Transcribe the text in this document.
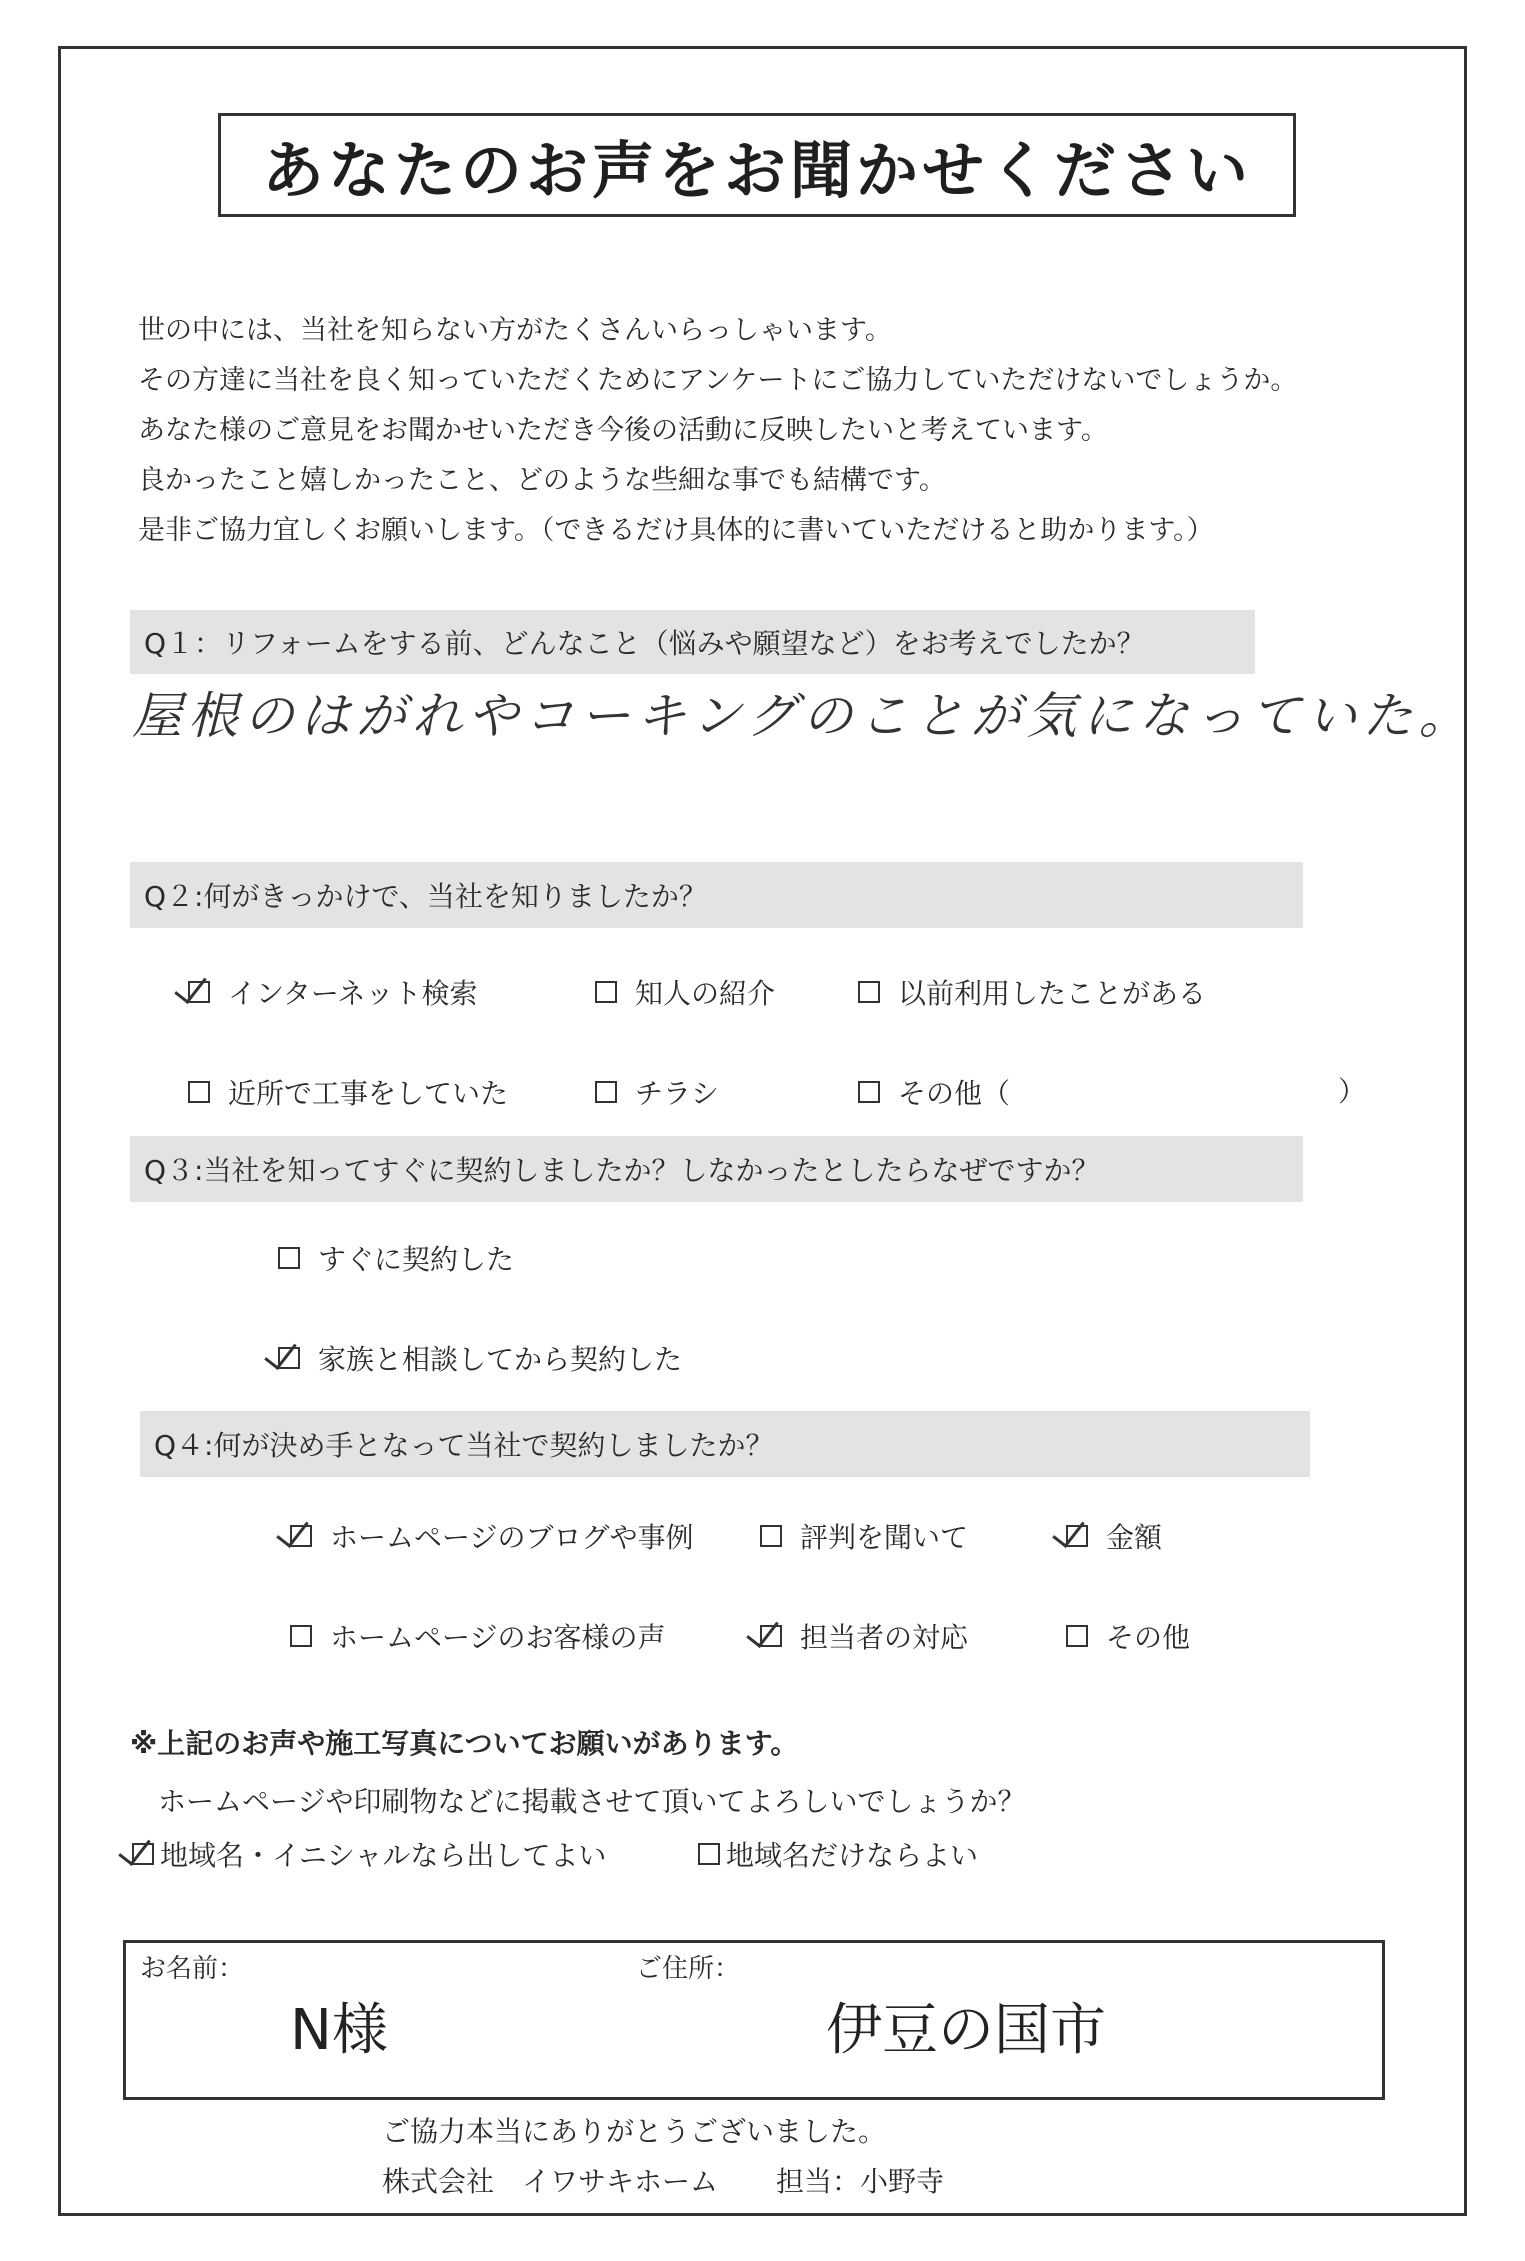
あなたのお声をお聞かせください
世の中には、当社を知らない方がたくさんいらっしゃいます。
その方達に当社を良く知っていただくためにアンケートにご協力していただけないでしょうか。
あなた様のご意見をお聞かせいただき今後の活動に反映したいと考えています。
良かったこと嬉しかったこと、どのような些細な事でも結構です。
是非ご協力宜しくお願いします。（できるだけ具体的に書いていただけると助かります。）
Q１：リフォームをする前、どんなこと（悩みや願望など）をお考えでしたか？
屋根のはがれやコーキングのことが気になっていた。
Q２:何がきっかけで、当社を知りましたか？
インターネット検索	知人の紹介	以前利用したことがある
近所で工事をしていた	チラシ	その他（	）
Q３:当社を知ってすぐに契約しましたか？しなかったとしたらなぜですか？
すぐに契約した
家族と相談してから契約した
Q４:何が決め手となって当社で契約しましたか？
ホームページのブログや事例	評判を聞いて	金額
ホームページのお客様の声	担当者の対応	その他
※上記のお声や施工写真についてお願いがあります。
ホームページや印刷物などに掲載させて頂いてよろしいでしょうか？
地域名・イニシャルなら出してよい	地域名だけならよい
お名前：	ご住所：
N様	伊豆の国市
ご協力本当にありがとうございました。
株式会社　イワサキホーム 担当：小野寺
